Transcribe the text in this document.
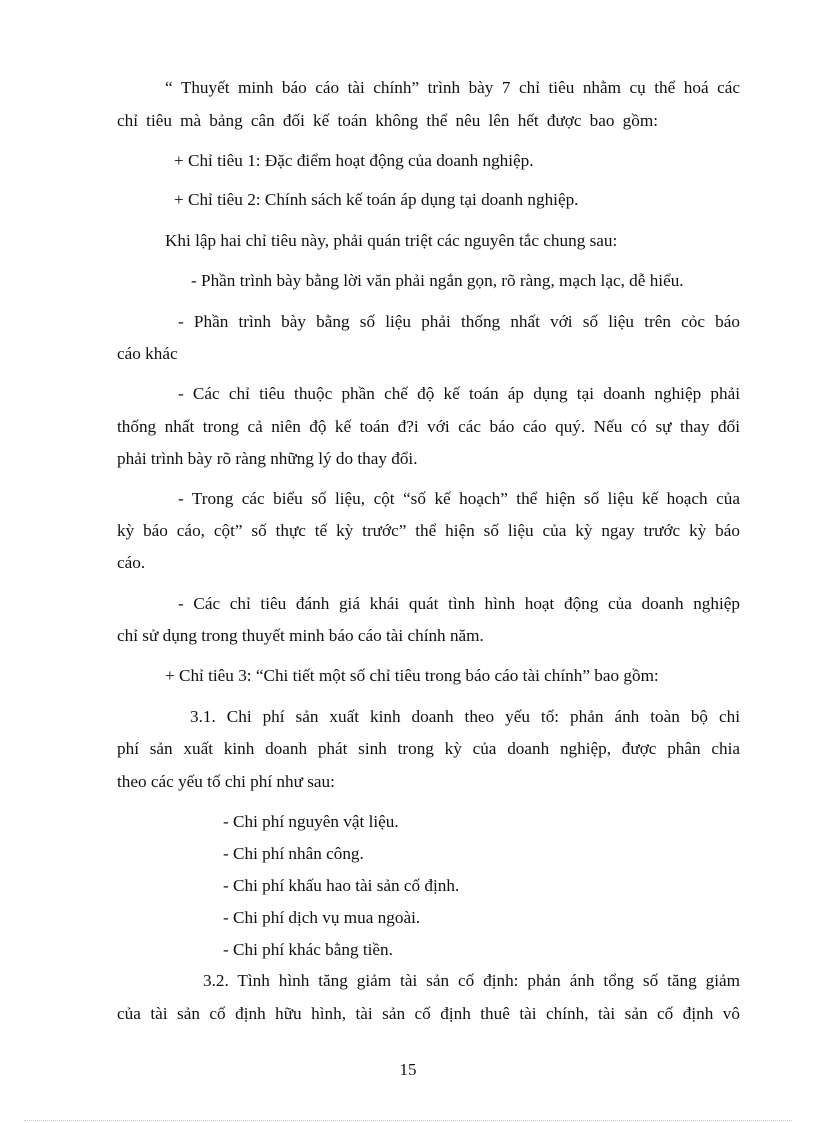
“ Thuyết minh báo cáo tài chính” trình bày 7 chỉ tiêu nhằm cụ thể hoá các
chỉ tiêu mà bảng cân đối kế toán không thể nêu lên hết được bao gồm:
+ Chỉ tiêu 1: Đặc điểm hoạt động của doanh nghiệp.
+ Chỉ tiêu 2: Chính sách kế toán áp dụng tại doanh nghiệp.
Khi lập hai chỉ tiêu này, phải quán triệt các nguyên tắc chung sau:
- Phần trình bày bằng lời văn phải ngắn gọn, rõ ràng, mạch lạc, dễ hiểu.
- Phần trình bày bằng số liệu phải thống nhất với số liệu trên cỏc báo
cáo khác
- Các chỉ tiêu thuộc phần chế độ kế toán áp dụng tại doanh nghiệp phải
thống nhất trong cả niên độ kế toán đ?i với các báo cáo quý. Nếu có sự thay đổi
phải trình bày rõ ràng những lý do thay đổi.
- Trong các biểu số liệu, cột “số kế hoạch” thể hiện số liệu kế hoạch của
kỳ báo cáo, cột” số thực tế kỳ trước” thể hiện số liệu của kỳ ngay trước kỳ báo
cáo.
- Các chỉ tiêu đánh giá khái quát tình hình hoạt động của doanh nghiệp
chỉ sử dụng trong thuyết minh báo cáo tài chính năm.
+ Chỉ tiêu 3: “Chi tiết một số chỉ tiêu trong báo cáo tài chính” bao gồm:
3.1. Chi phí sản xuất kinh doanh theo yếu tố: phản ánh toàn bộ chi
phí sản xuất kinh doanh phát sinh trong kỳ của doanh nghiệp, được phân chia
theo các yếu tố chi phí như sau:
- Chi phí nguyên vật liệu.
- Chi phí nhân công.
- Chi phí khấu hao tài sản cố định.
- Chi phí dịch vụ mua ngoài.
- Chi phí khác bằng tiền.
3.2. Tình hình tăng giảm tài sản cố định: phản ánh tổng số tăng giảm
của tài sản cố định hữu hình, tài sản cố định thuê tài chính, tài sản cố định vô
15
